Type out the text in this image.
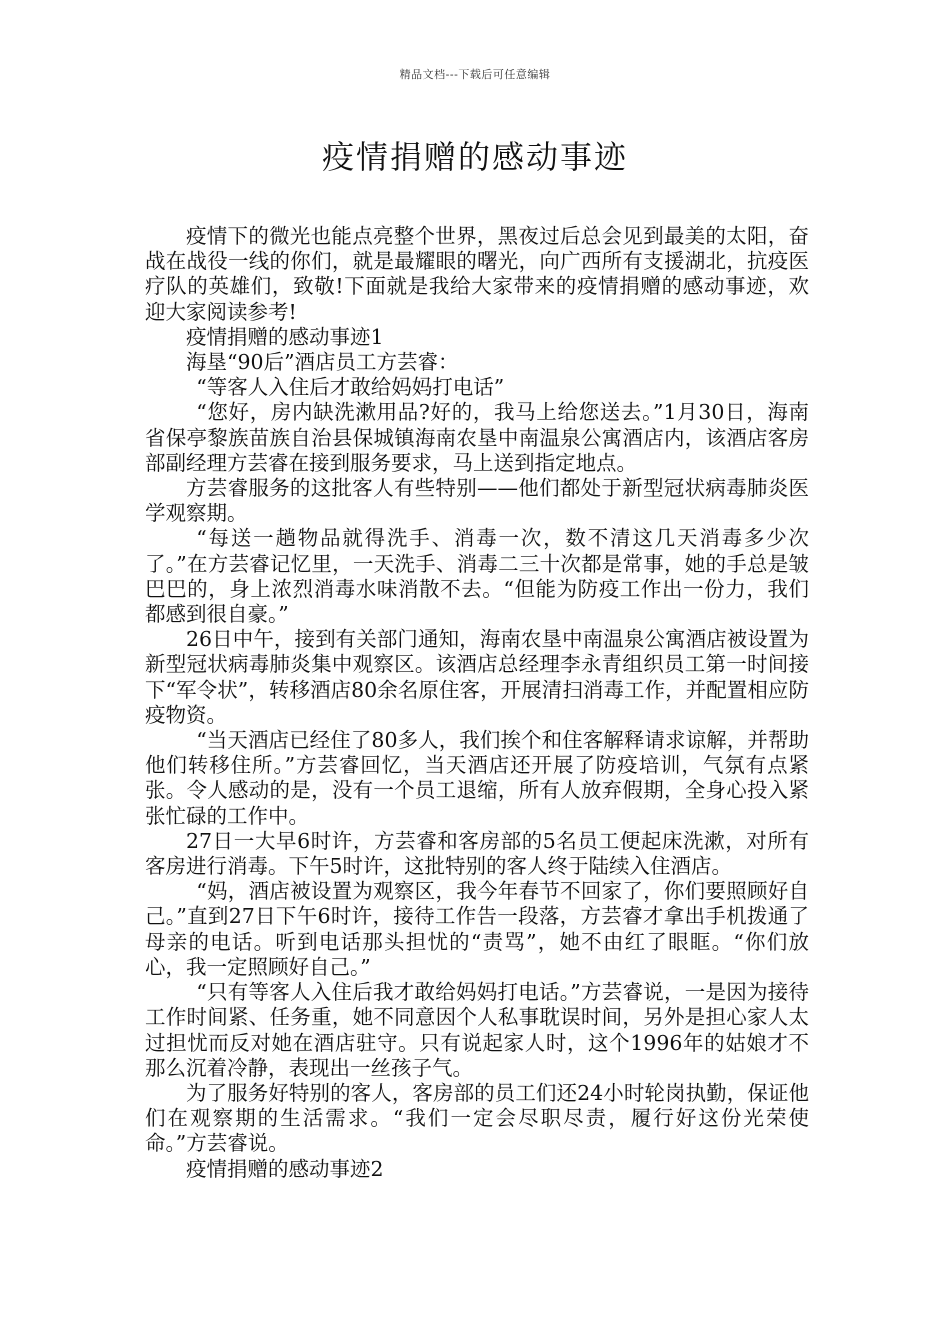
精品文档---下载后可任意编辑
疫情捐赠的感动事迹

疫情下的微光也能点亮整个世界，黑夜过后总会见到最美的太阳，奋战在战役一线的你们，就是最耀眼的曙光，向广西所有支援湖北，抗疫医疗队的英雄们，致敬!下面就是我给大家带来的疫情捐赠的感动事迹，欢迎大家阅读参考!

疫情捐赠的感动事迹1

海垦“90后”酒店员工方芸睿：

“等客人入住后才敢给妈妈打电话”

“您好，房内缺洗漱用品?好的，我马上给您送去。”1月30日，海南省保亭黎族苗族自治县保城镇海南农垦中南温泉公寓酒店内，该酒店客房部副经理方芸睿在接到服务要求，马上送到指定地点。

方芸睿服务的这批客人有些特别——他们都处于新型冠状病毒肺炎医学观察期。

“每送一趟物品就得洗手、消毒一次，数不清这几天消毒多少次了。”在方芸睿记忆里，一天洗手、消毒二三十次都是常事，她的手总是皱巴巴的，身上浓烈消毒水味消散不去。“但能为防疫工作出一份力，我们都感到很自豪。”

26日中午，接到有关部门通知，海南农垦中南温泉公寓酒店被设置为新型冠状病毒肺炎集中观察区。该酒店总经理李永青组织员工第一时间接下“军令状”，转移酒店80余名原住客，开展清扫消毒工作，并配置相应防疫物资。

“当天酒店已经住了80多人，我们挨个和住客解释请求谅解，并帮助他们转移住所。”方芸睿回忆，当天酒店还开展了防疫培训，气氛有点紧张。令人感动的是，没有一个员工退缩，所有人放弃假期，全身心投入紧张忙碌的工作中。

27日一大早6时许，方芸睿和客房部的5名员工便起床洗漱，对所有客房进行消毒。下午5时许，这批特别的客人终于陆续入住酒店。

“妈，酒店被设置为观察区，我今年春节不回家了，你们要照顾好自己。”直到27日下午6时许，接待工作告一段落，方芸睿才拿出手机拨通了母亲的电话。听到电话那头担忧的“责骂”，她不由红了眼眶。“你们放心，我一定照顾好自己。”

“只有等客人入住后我才敢给妈妈打电话。”方芸睿说，一是因为接待工作时间紧、任务重，她不同意因个人私事耽误时间，另外是担心家人太过担忧而反对她在酒店驻守。只有说起家人时，这个1996年的姑娘才不那么沉着冷静，表现出一丝孩子气。

为了服务好特别的客人，客房部的员工们还24小时轮岗执勤，保证他们在观察期的生活需求。“我们一定会尽职尽责，履行好这份光荣使命。”方芸睿说。

疫情捐赠的感动事迹2
